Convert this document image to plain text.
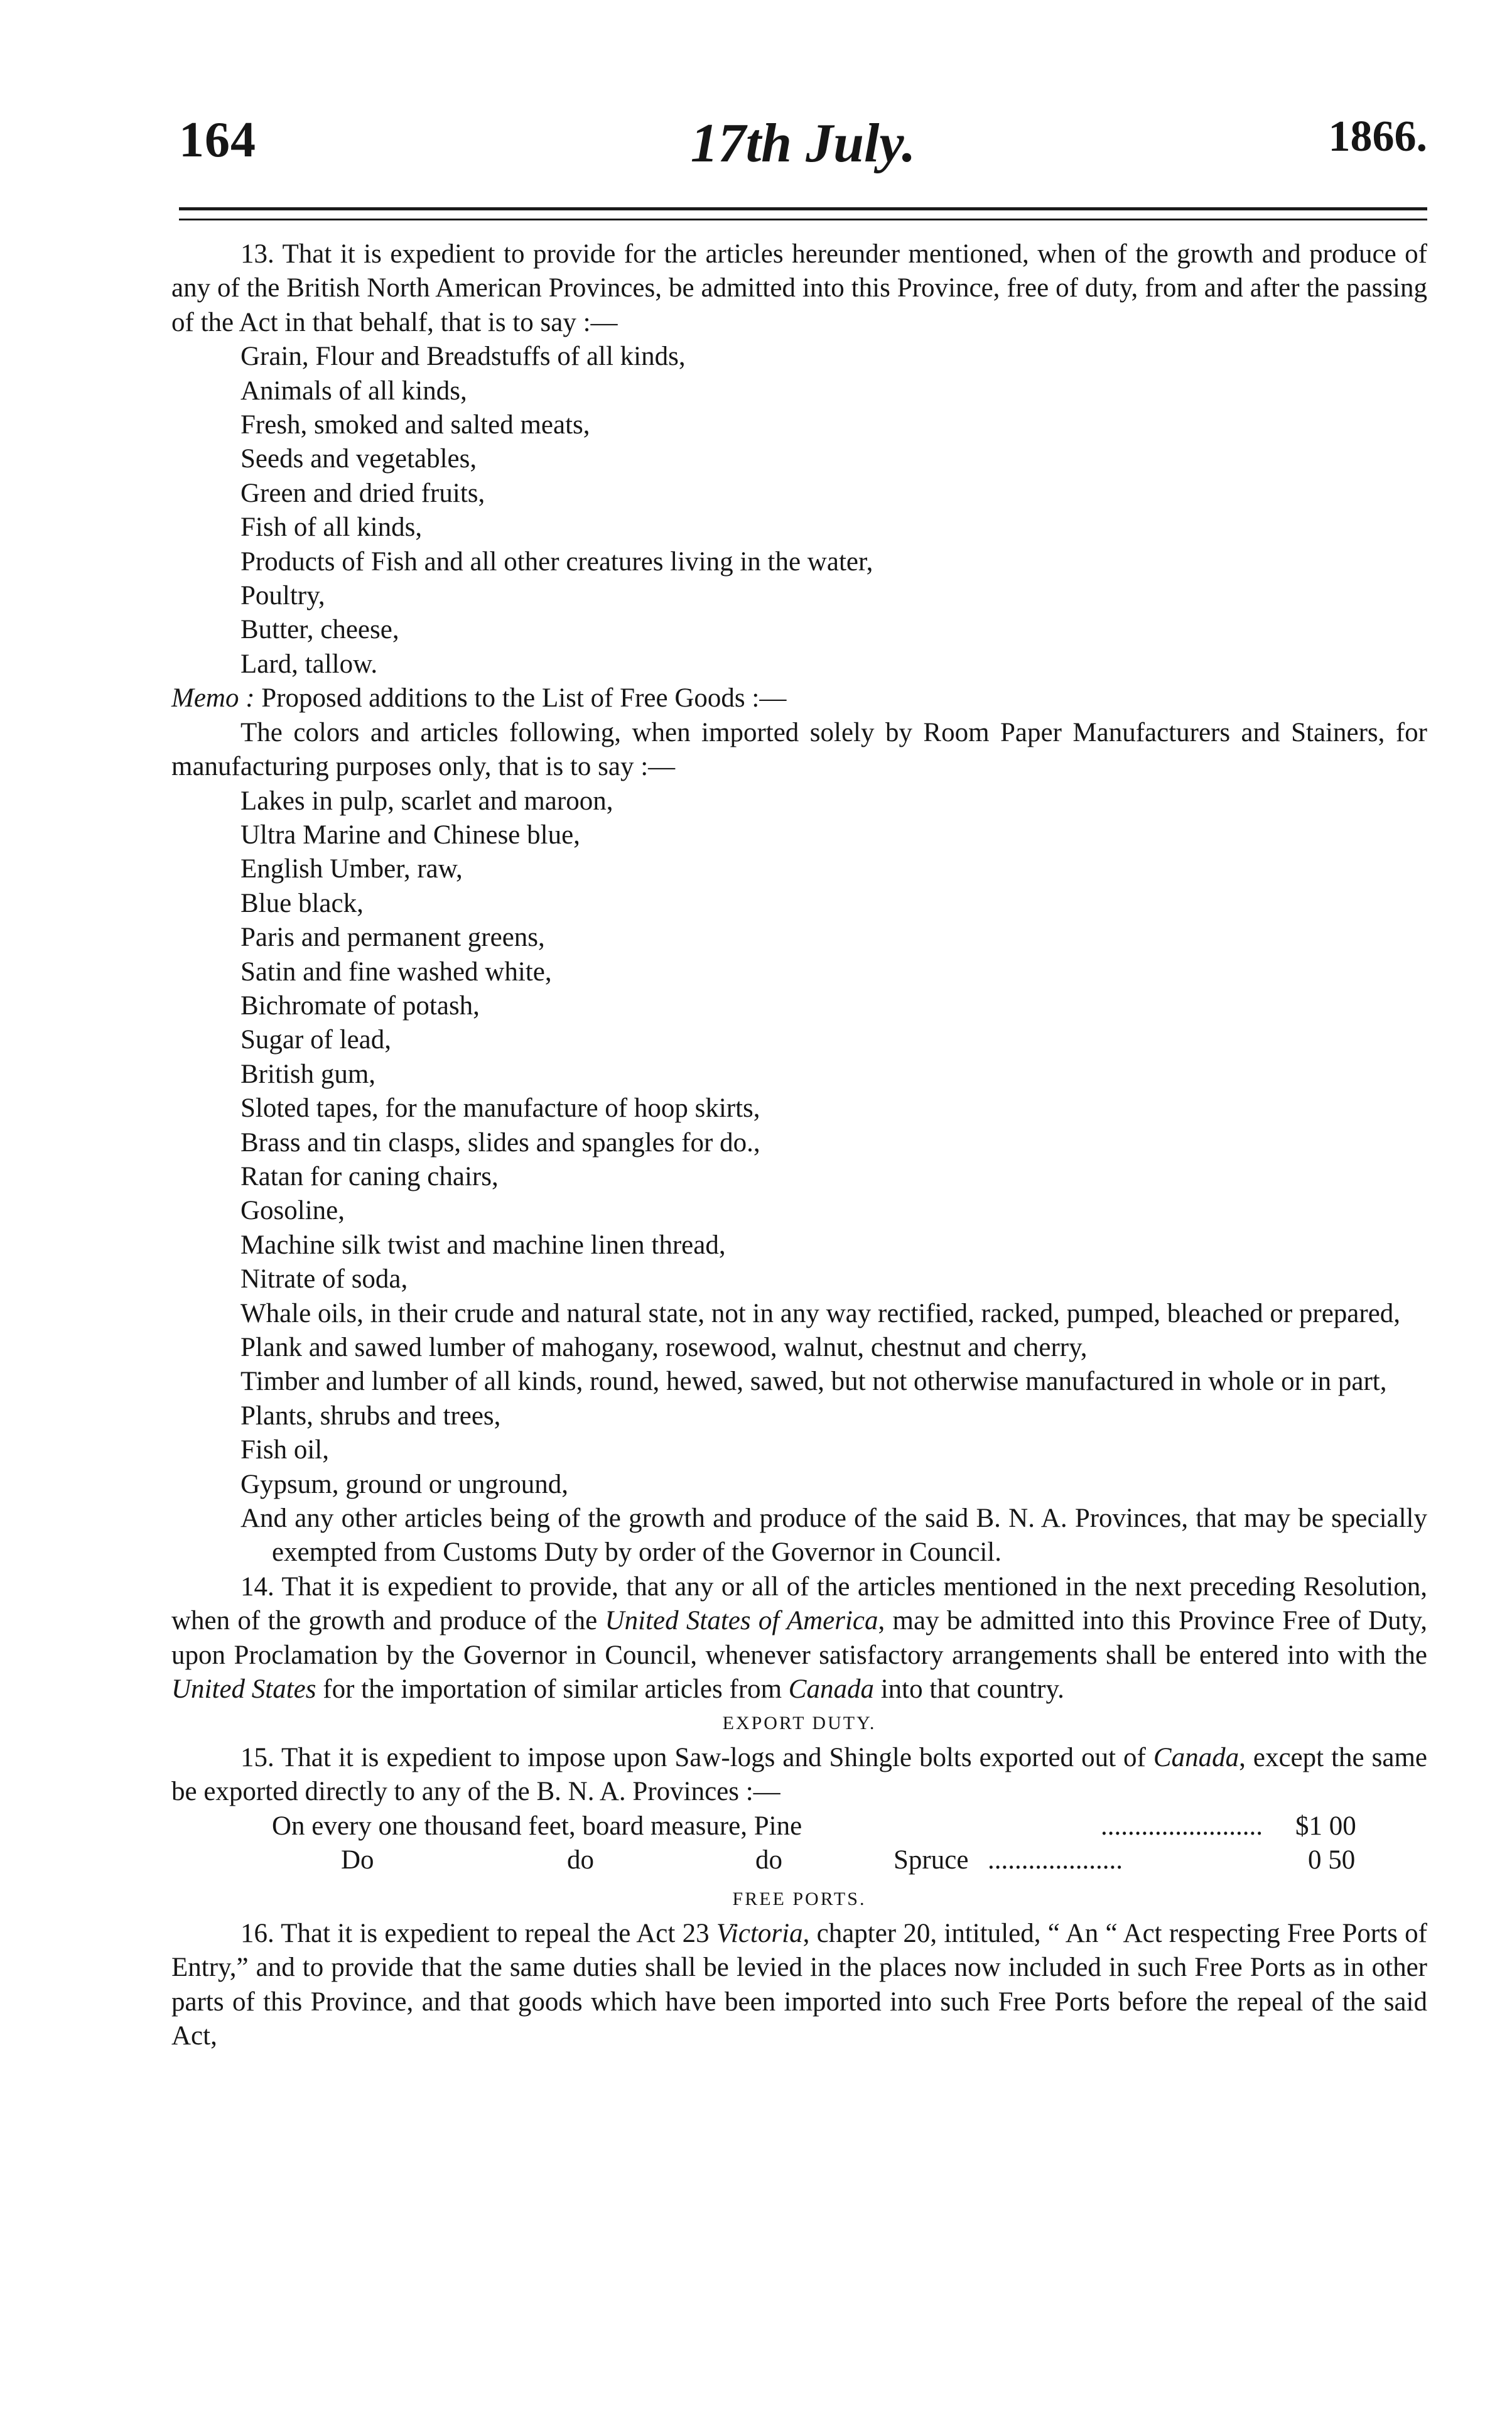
164	17th July.	1866.

13. That it is expedient to provide for the articles hereunder mentioned, when of the growth and produce of any of the British North American Provinces, be admitted into this Province, free of duty, from and after the passing of the Act in that behalf, that is to say :—

Grain, Flour and Breadstuffs of all kinds,

Animals of all kinds,

Fresh, smoked and salted meats,

Seeds and vegetables,

Green and dried fruits,

Fish of all kinds,

Products of Fish and all other creatures living in the water,

Poultry,

Butter, cheese,

Lard, tallow.

Memo : Proposed additions to the List of Free Goods :—

The colors and articles following, when imported solely by Room Paper Manufacturers and Stainers, for manufacturing purposes only, that is to say :—

Lakes in pulp, scarlet and maroon,

Ultra Marine and Chinese blue,

English Umber, raw,

Blue black,

Paris and permanent greens,

Satin and fine washed white,

Bichromate of potash,

Sugar of lead,

British gum,

Sloted tapes, for the manufacture of hoop skirts,

Brass and tin clasps, slides and spangles for do.,

Ratan for caning chairs,

Gosoline,

Machine silk twist and machine linen thread,

Nitrate of soda,

Whale oils, in their crude and natural state, not in any way rectified, racked, pumped, bleached or prepared,

Plank and sawed lumber of mahogany, rosewood, walnut, chestnut and cherry,

Timber and lumber of all kinds, round, hewed, sawed, but not otherwise manufactured in whole or in part,

Plants, shrubs and trees,

Fish oil,

Gypsum, ground or unground,

And any other articles being of the growth and produce of the said B. N. A. Provinces, that may be specially exempted from Customs Duty by order of the Governor in Council.

14. That it is expedient to provide, that any or all of the articles mentioned in the next preceding Resolution, when of the growth and produce of the United States of America, may be admitted into this Province Free of Duty, upon Proclamation by the Governor in Council, whenever satisfactory arrangements shall be entered into with the United States for the importation of similar articles from Canada into that country.

EXPORT DUTY.

15. That it is expedient to impose upon Saw-logs and Shingle bolts exported out of Canada, except the same be exported directly to any of the B. N. A. Provinces :—

On every one thousand feet, board measure, Pine	........................ $1 00
Do	do	do	Spruce ....................	0 50

FREE PORTS.

16. That it is expedient to repeal the Act 23 Victoria, chapter 20, intituled, “ An “ Act respecting Free Ports of Entry,” and to provide that the same duties shall be levied in the places now included in such Free Ports as in other parts of this Province, and that goods which have been imported into such Free Ports before the repeal of the said Act,
